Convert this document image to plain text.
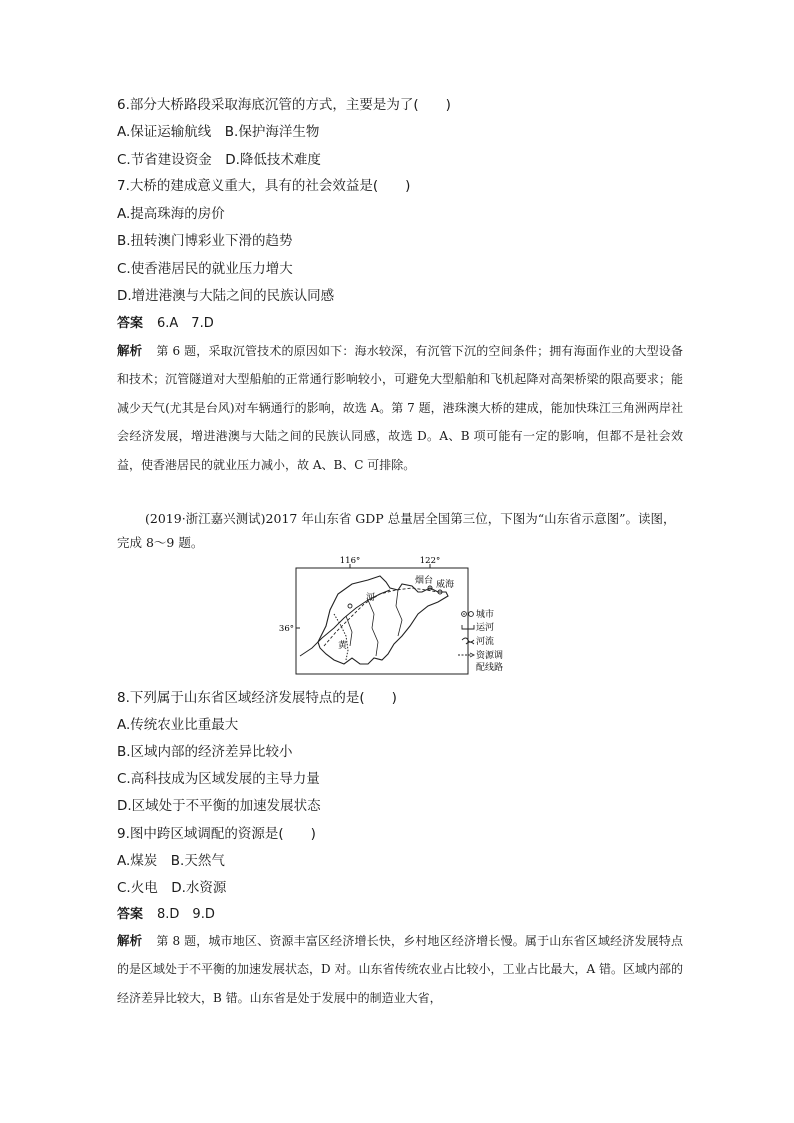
6.部分大桥路段采取海底沉管的方式，主要是为了(　　)
A.保证运输航线　B.保护海洋生物
C.节省建设资金　D.降低技术难度
7.大桥的建成意义重大，具有的社会效益是(　　)
A.提高珠海的房价
B.扭转澳门博彩业下滑的趋势
C.使香港居民的就业压力增大
D.增进港澳与大陆之间的民族认同感
答案 6.A　7.D
解析 第 6 题，采取沉管技术的原因如下：海水较深，有沉管下沉的空间条件；拥有海面作业的大型设备和技术；沉管隧道对大型船舶的正常通行影响较小，可避免大型船舶和飞机起降对高架桥梁的限高要求；能减少天气(尤其是台风)对车辆通行的影响，故选 A。第 7 题，港珠澳大桥的建成，能加快珠江三角洲两岸社会经济发展，增进港澳与大陆之间的民族认同感，故选 D。A、B 项可能有一定的影响，但都不是社会效益，使香港居民的就业压力减小，故 A、B、C 可排除。
(2019·浙江嘉兴测试)2017 年山东省 GDP 总量居全国第三位，下图为“山东省示意图”。读图，完成 8～9 题。
116°	122°
36°
烟台 威海
河
黄
城市
运河
河流
资源调
配线路
8.下列属于山东省区域经济发展特点的是(　　)
A.传统农业比重最大
B.区域内部的经济差异比较小
C.高科技成为区域发展的主导力量
D.区域处于不平衡的加速发展状态
9.图中跨区域调配的资源是(　　)
A.煤炭　B.天然气
C.火电　D.水资源
答案 8.D　9.D
解析 第 8 题，城市地区、资源丰富区经济增长快，乡村地区经济增长慢。属于山东省区域经济发展特点的是区域处于不平衡的加速发展状态，D 对。山东省传统农业占比较小，工业占比最大，A 错。区域内部的经济差异比较大，B 错。山东省是处于发展中的制造业大省，
